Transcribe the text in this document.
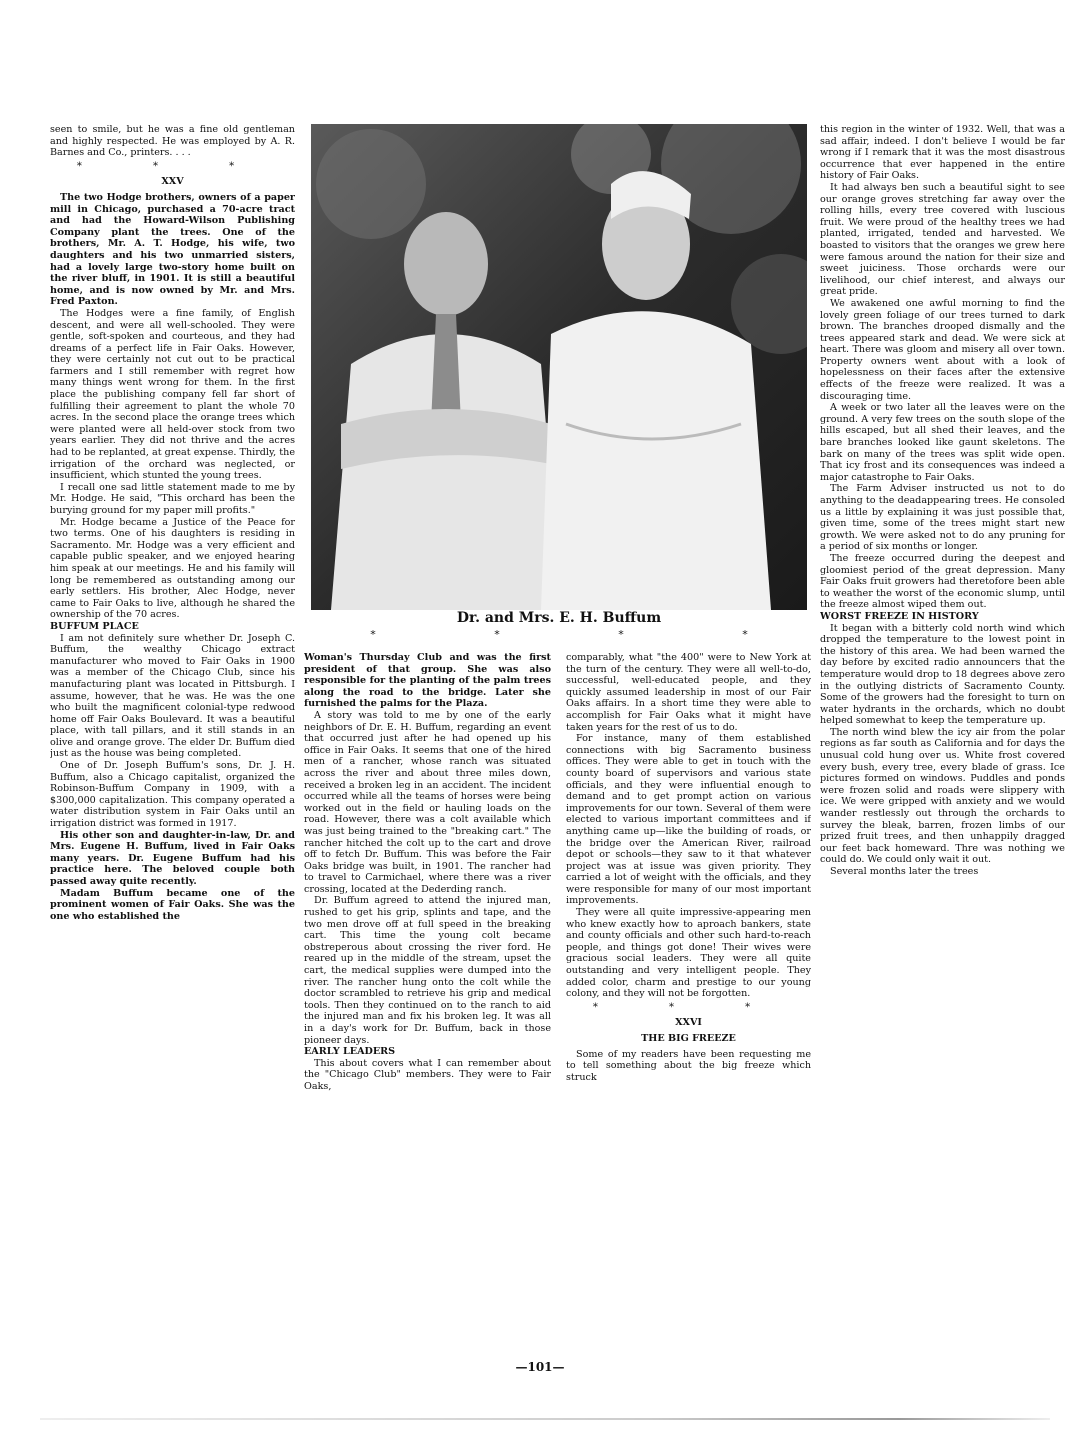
seen to smile, but he was a fine old gentleman and highly respected. He was employed by A. R. Barnes and Co., printers. . . .

* * *

XXV

The two Hodge brothers, owners of a paper mill in Chicago, purchased a 70-acre tract and had the Howard-Wilson Publishing Company plant the trees. One of the brothers, Mr. A. T. Hodge, his wife, two daughters and his two unmarried sisters, had a lovely large two-story home built on the river bluff, in 1901. It is still a beautiful home, and is now owned by Mr. and Mrs. Fred Paxton.

The Hodges were a fine family, of English descent, and were all well-schooled. They were gentle, soft-spoken and courteous, and they had dreams of a perfect life in Fair Oaks. However, they were certainly not cut out to be practical farmers and I still remember with regret how many things went wrong for them. In the first place the publishing company fell far short of fulfilling their agreement to plant the whole 70 acres. In the second place the orange trees which were planted were all held-over stock from two years earlier. They did not thrive and the acres had to be replanted, at great expense. Thirdly, the irrigation of the orchard was neglected, or insufficient, which stunted the young trees.

I recall one sad little statement made to me by Mr. Hodge. He said, "This orchard has been the burying ground for my paper mill profits."

Mr. Hodge became a Justice of the Peace for two terms. One of his daughters is residing in Sacramento. Mr. Hodge was a very efficient and capable public speaker, and we enjoyed hearing him speak at our meetings. He and his family will long be remembered as outstanding among our early settlers. His brother, Alec Hodge, never came to Fair Oaks to live, although he shared the ownership of the 70 acres.

BUFFUM PLACE

I am not definitely sure whether Dr. Joseph C. Buffum, the wealthy Chicago extract manufacturer who moved to Fair Oaks in 1900 was a member of the Chicago Club, since his manufacturing plant was located in Pittsburgh. I assume, however, that he was. He was the one who built the magnificent colonial-type redwood home off Fair Oaks Boulevard. It was a beautiful place, with tall pillars, and it still stands in an olive and orange grove. The elder Dr. Buffum died just as the house was being completed.

One of Dr. Joseph Buffum's sons, Dr. J. H. Buffum, also a Chicago capitalist, organized the Robinson-Buffum Company in 1909, with a $300,000 capitalization. This company operated a water distribution system in Fair Oaks until an irrigation district was formed in 1917.

His other son and daughter-in-law, Dr. and Mrs. Eugene H. Buffum, lived in Fair Oaks many years. Dr. Eugene Buffum had his practice here. The beloved couple both passed away quite recently.

Madam Buffum became one of the prominent women of Fair Oaks. She was the one who established the

Dr. and Mrs. E. H. Buffum
*	*	*	*

Woman's Thursday Club and was the first president of that group. She was also responsible for the planting of the palm trees along the road to the bridge. Later she furnished the palms for the Plaza.

A story was told to me by one of the early neighbors of Dr. E. H. Buffum, regarding an event that occurred just after he had opened up his office in Fair Oaks. It seems that one of the hired men of a rancher, whose ranch was situated across the river and about three miles down, received a broken leg in an accident. The incident occurred while all the teams of horses were being worked out in the field or hauling loads on the road. However, there was a colt available which was just being trained to the "breaking cart." The rancher hitched the colt up to the cart and drove off to fetch Dr. Buffum. This was before the Fair Oaks bridge was built, in 1901. The rancher had to travel to Carmichael, where there was a river crossing, located at the Dederding ranch.

Dr. Buffum agreed to attend the injured man, rushed to get his grip, splints and tape, and the two men drove off at full speed in the breaking cart. This time the young colt became obstreperous about crossing the river ford. He reared up in the middle of the stream, upset the cart, the medical supplies were dumped into the river. The rancher hung onto the colt while the doctor scrambled to retrieve his grip and medical tools. Then they continued on to the ranch to aid the injured man and fix his broken leg. It was all in a day's work for Dr. Buffum, back in those pioneer days.

EARLY LEADERS

This about covers what I can remember about the "Chicago Club" members. They were to Fair Oaks,

comparably, what "the 400" were to New York at the turn of the century. They were all well-to-do, successful, well-educated people, and they quickly assumed leadership in most of our Fair Oaks affairs. In a short time they were able to accomplish for Fair Oaks what it might have taken years for the rest of us to do.

For instance, many of them established connections with big Sacramento business offices. They were able to get in touch with the county board of supervisors and various state officials, and they were influential enough to demand and to get prompt action on various improvements for our town. Several of them were elected to various important committees and if anything came up—like the building of roads, or the bridge over the American River, railroad depot or schools—they saw to it that whatever project was at issue was given priority. They carried a lot of weight with the officials, and they were responsible for many of our most important improvements.

They were all quite impressive-appearing men who knew exactly how to aproach bankers, state and county officials and other such hard-to-reach people, and things got done! Their wives were gracious social leaders. They were all quite outstanding and very intelligent people. They added color, charm and prestige to our young colony, and they will not be forgotten.

* * *

XXVI

THE BIG FREEZE

Some of my readers have been requesting me to tell something about the big freeze which struck

this region in the winter of 1932. Well, that was a sad affair, indeed. I don't believe I would be far wrong if I remark that it was the most disastrous occurrence that ever happened in the entire history of Fair Oaks.

It had always ben such a beautiful sight to see our orange groves stretching far away over the rolling hills, every tree covered with luscious fruit. We were proud of the healthy trees we had planted, irrigated, tended and harvested. We boasted to visitors that the oranges we grew here were famous around the nation for their size and sweet juiciness. Those orchards were our livelihood, our chief interest, and always our great pride.

We awakened one awful morning to find the lovely green foliage of our trees turned to dark brown. The branches drooped dismally and the trees appeared stark and dead. We were sick at heart. There was gloom and misery all over town. Property owners went about with a look of hopelessness on their faces after the extensive effects of the freeze were realized. It was a discouraging time.

A week or two later all the leaves were on the ground. A very few trees on the south slope of the hills escaped, but all shed their leaves, and the bare branches looked like gaunt skeletons. The bark on many of the trees was split wide open. That icy frost and its consequences was indeed a major catastrophe to Fair Oaks.

The Farm Adviser instructed us not to do anything to the deadappearing trees. He consoled us a little by explaining it was just possible that, given time, some of the trees might start new growth. We were asked not to do any pruning for a period of six months or longer.

The freeze occurred during the deepest and gloomiest period of the great depression. Many Fair Oaks fruit growers had theretofore been able to weather the worst of the economic slump, until the freeze almost wiped them out.

WORST FREEZE IN HISTORY

It began with a bitterly cold north wind which dropped the temperature to the lowest point in the history of this area. We had been warned the day before by excited radio announcers that the temperature would drop to 18 degrees above zero in the outlying districts of Sacramento County. Some of the growers had the foresight to turn on water hydrants in the orchards, which no doubt helped somewhat to keep the temperature up.

The north wind blew the icy air from the polar regions as far south as California and for days the unusual cold hung over us. White frost covered every bush, every tree, every blade of grass. Ice pictures formed on windows. Puddles and ponds were frozen solid and roads were slippery with ice. We were gripped with anxiety and we would wander restlessly out through the orchards to survey the bleak, barren, frozen limbs of our prized fruit trees, and then unhappily dragged our feet back homeward. Thre was nothing we could do. We could only wait it out.

Several months later the trees

—101—
